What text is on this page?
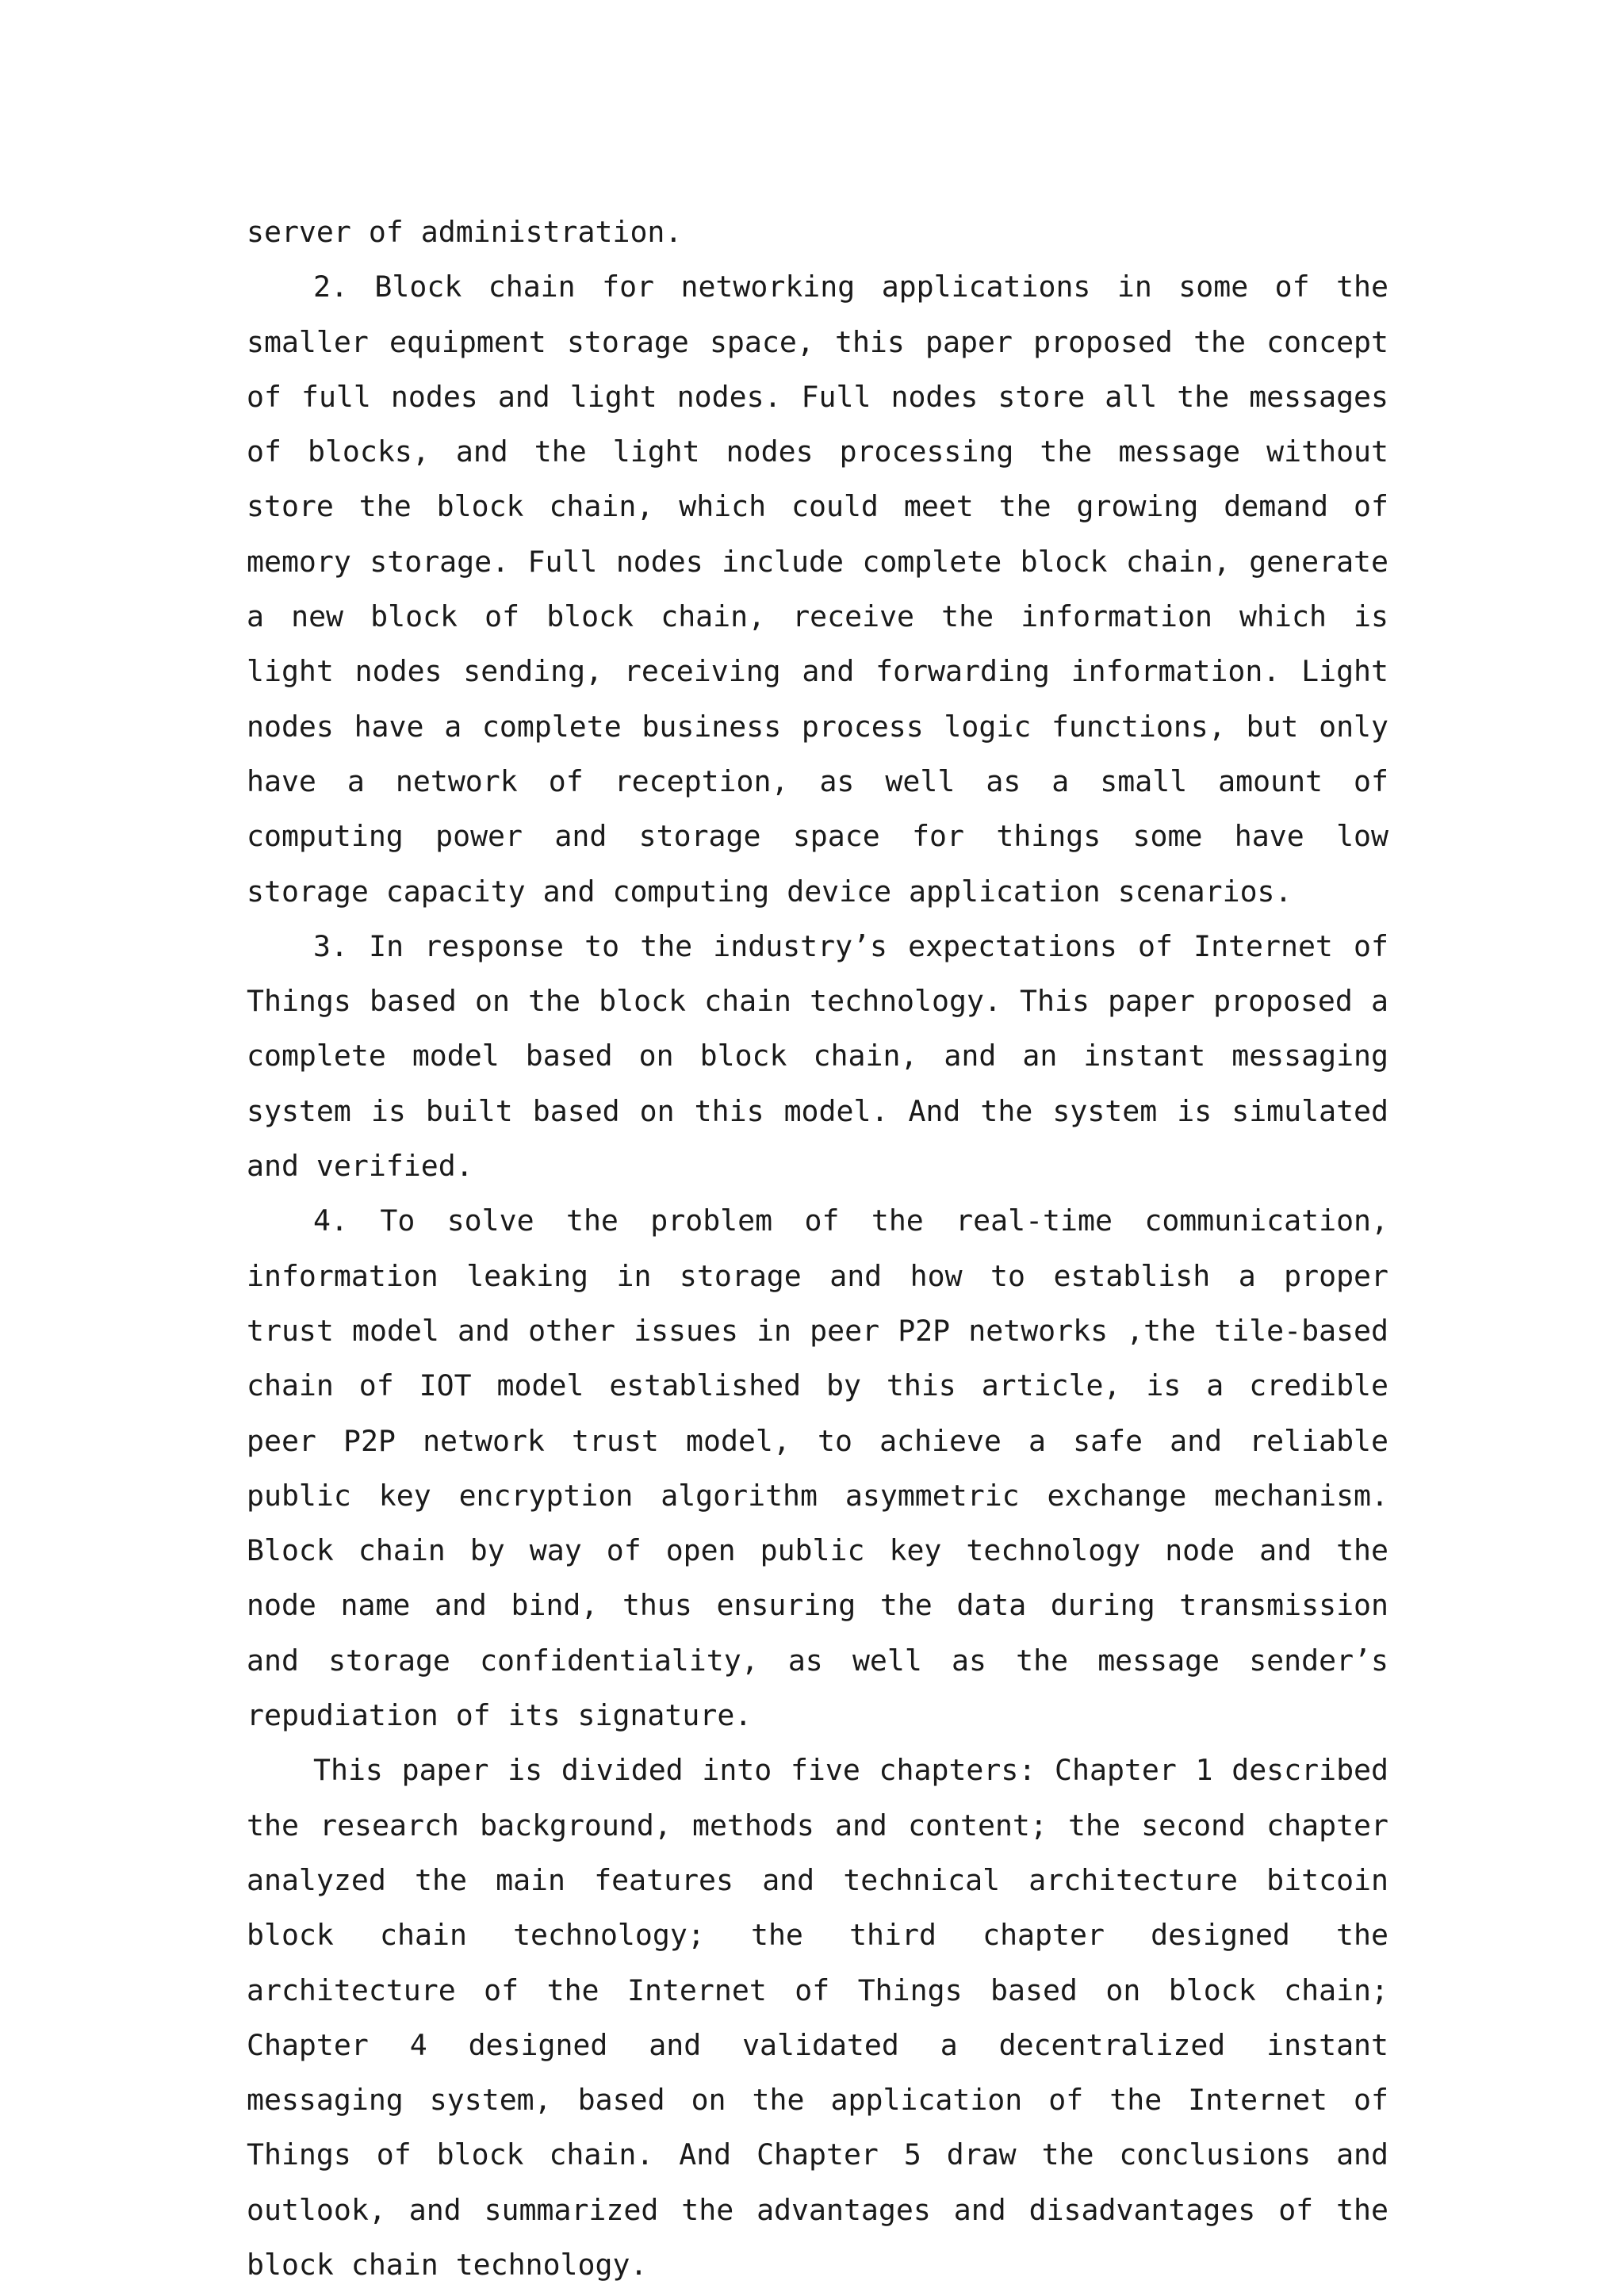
server of administration.

2. Block chain for networking applications in some of the smaller equipment storage space, this paper proposed the concept of full nodes and light nodes. Full nodes store all the messages of blocks, and the light nodes processing the message without store the block chain, which could meet the growing demand of memory storage. Full nodes include complete block chain, generate a new block of block chain, receive the information which is light nodes sending, receiving and forwarding information. Light nodes have a complete business process logic functions, but only have a network of reception, as well as a small amount of computing power and storage space for things some have low storage capacity and computing device application scenarios.

3. In response to the industry’s expectations of Internet of Things based on the block chain technology. This paper proposed a complete model based on block chain, and an instant messaging system is built based on this model. And the system is simulated and verified.

4. To solve the problem of the real-time communication, information leaking in storage and how to establish a proper trust model and other issues in peer P2P networks ,the tile-based chain of IOT model established by this article, is a credible peer P2P network trust model, to achieve a safe and reliable public key encryption algorithm asymmetric exchange mechanism. Block chain by way of open public key technology node and the node name and bind, thus ensuring the data during transmission and storage confidentiality, as well as the message sender’s repudiation of its signature.

This paper is divided into five chapters: Chapter 1 described the research background, methods and content; the second chapter analyzed the main features and technical architecture bitcoin block chain technology; the third chapter designed the architecture of the Internet of Things based on block chain; Chapter 4 designed and validated a decentralized instant messaging system, based on the application of the Internet of Things of block chain. And Chapter 5 draw the conclusions and outlook, and summarized the advantages and disadvantages of the block chain technology.
